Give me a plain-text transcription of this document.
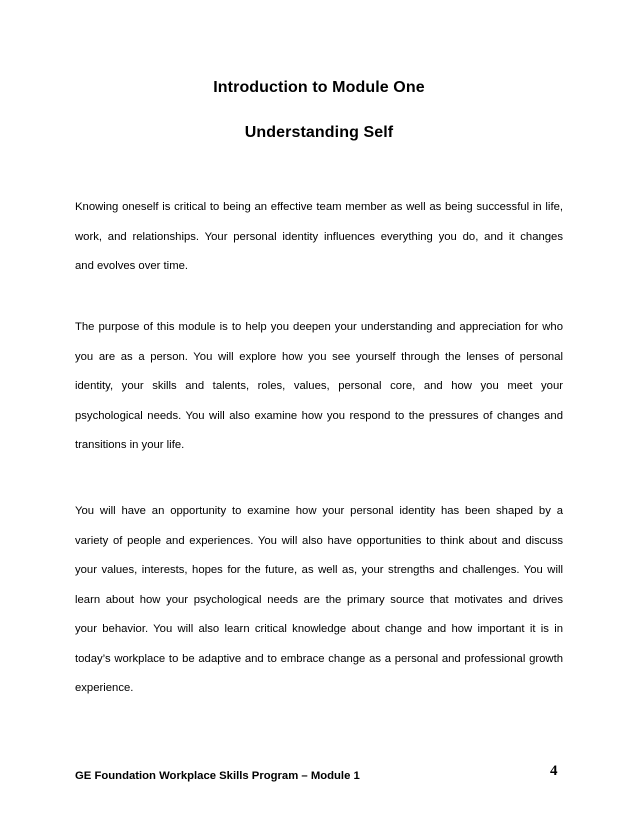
Introduction to Module One
Understanding Self
Knowing oneself is critical to being an effective team member as well as being successful in life,
work, and relationships. Your personal identity influences everything you do, and it changes
and evolves over time.
The purpose of this module is to help you deepen your understanding and appreciation for who
you are as a person. You will explore how you see yourself through the lenses of personal
identity, your skills and talents, roles, values, personal core, and how you meet your
psychological needs. You will also examine how you respond to the pressures of changes and
transitions in your life.
You will have an opportunity to examine how your personal identity has been shaped by a
variety of people and experiences. You will also have opportunities to think about and discuss
your values, interests, hopes for the future, as well as, your strengths and challenges. You will
learn about how your psychological needs are the primary source that motivates and drives
your behavior. You will also learn critical knowledge about change and how important it is in
today’s workplace to be adaptive and to embrace change as a personal and professional growth
experience.
GE Foundation Workplace Skills Program – Module 1	4
